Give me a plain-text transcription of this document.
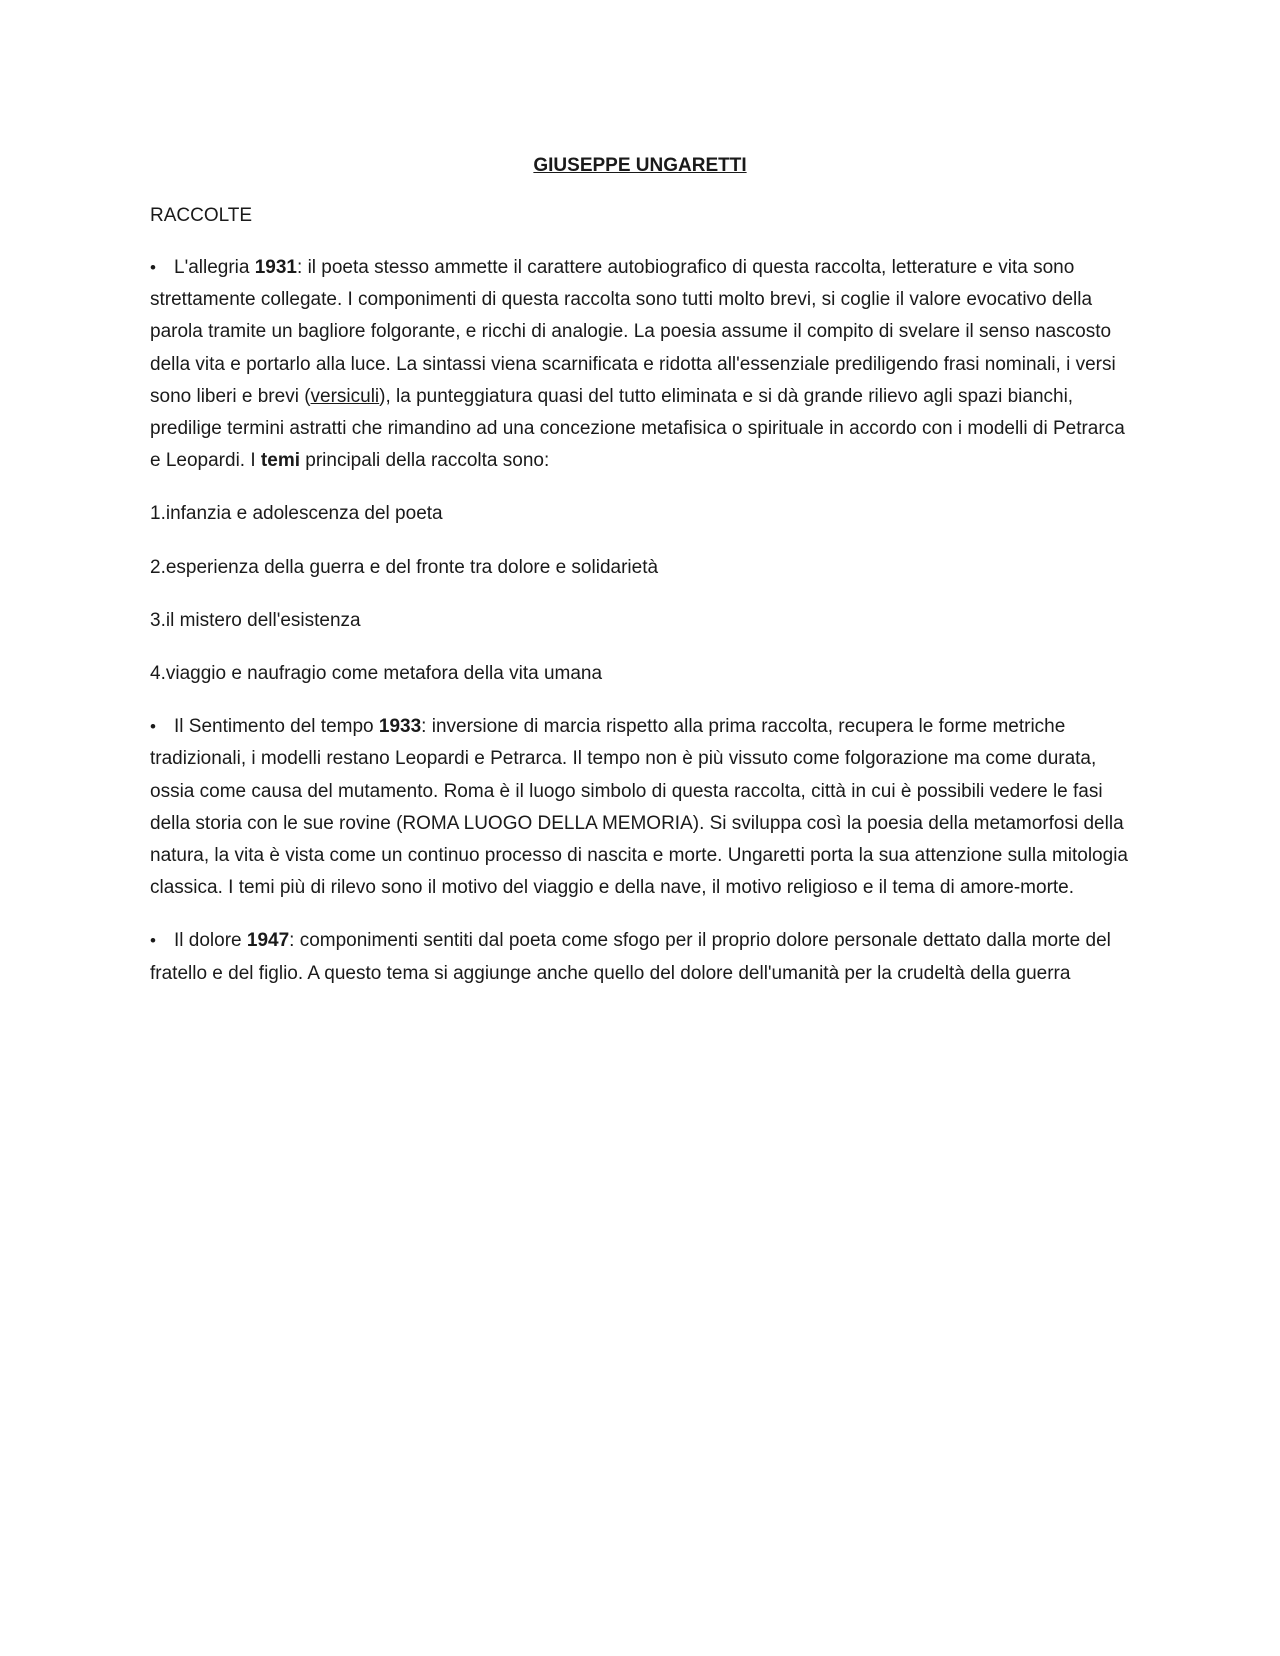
GIUSEPPE UNGARETTI
RACCOLTE

• L'allegria 1931: il poeta stesso ammette il carattere autobiografico di questa raccolta, letterature e vita sono strettamente collegate. I componimenti di questa raccolta sono tutti molto brevi, si coglie il valore evocativo della parola tramite un bagliore folgorante, e ricchi di analogie. La poesia assume il compito di svelare il senso nascosto della vita e portarlo alla luce. La sintassi viena scarnificata e ridotta all'essenziale prediligendo frasi nominali, i versi sono liberi e brevi (versiculi), la punteggiatura quasi del tutto eliminata e si dà grande rilievo agli spazi bianchi, predilige termini astratti che rimandino ad una concezione metafisica o spirituale in accordo con i modelli di Petrarca e Leopardi. I temi principali della raccolta sono:

1.infanzia e adolescenza del poeta

2.esperienza della guerra e del fronte tra dolore e solidarietà

3.il mistero dell'esistenza

4.viaggio e naufragio come metafora della vita umana

• Il Sentimento del tempo 1933: inversione di marcia rispetto alla prima raccolta, recupera le forme metriche tradizionali, i modelli restano Leopardi e Petrarca. Il tempo non è più vissuto come folgorazione ma come durata, ossia come causa del mutamento. Roma è il luogo simbolo di questa raccolta, città in cui è possibili vedere le fasi della storia con le sue rovine (ROMA LUOGO DELLA MEMORIA). Si sviluppa così la poesia della metamorfosi della natura, la vita è vista come un continuo processo di nascita e morte. Ungaretti porta la sua attenzione sulla mitologia classica. I temi più di rilevo sono il motivo del viaggio e della nave, il motivo religioso e il tema di amore-morte.

• Il dolore 1947: componimenti sentiti dal poeta come sfogo per il proprio dolore personale dettato dalla morte del fratello e del figlio. A questo tema si aggiunge anche quello del dolore dell'umanità per la crudeltà della guerra
